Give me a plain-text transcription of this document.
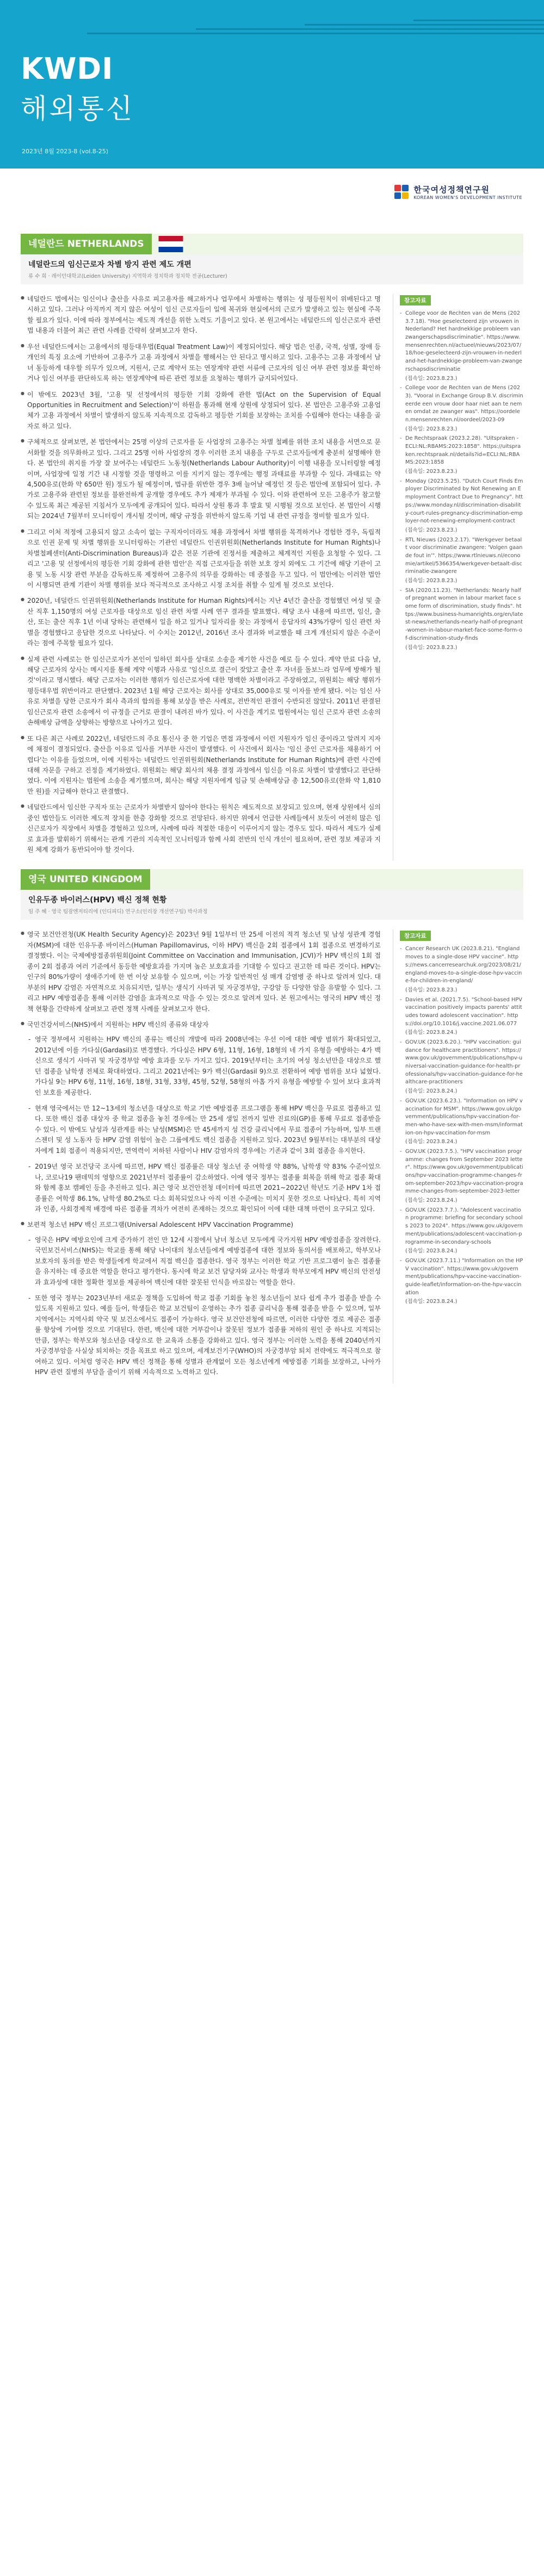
KWDI
해외통신
2023년 8월 2023-8 (vol.8-25)
한국여성정책연구원
KOREAN WOMEN'S DEVELOPMENT INSTITUTE
네덜란드 NETHERLANDS
네덜란드의 임신근로자 차별 방지 관련 제도 개편
류 수 희 · 레이던대학교(Leiden University) 지역학과 정치학과 정치학 전공(Lecturer)

● 네덜란드 법에서는 임신이나 출산을 사유로 피고용자를 해고하거나 업무에서 차별하는 행위는 성 평등원칙이 위배된다고 명시하고 있다. 그러나 아직까지 적지 않은 여성이 임신 근로자들이 일에 복귀와 현실에서의 근로가 발생하고 있는 현실에 주목할 필요가 있다. 이에 따라 정부에서는 제도적 개선을 위한 노력도 기울이고 있다. 본 원고에서는 네덜란드의 임신근로자 관련 법 내용과 더불어 최근 관련 사례를 간략히 살펴보고자 한다.

● 우선 네덜란드에서는 고용에서의 평등대우법(Equal Treatment Law)이 제정되어있다. 해당 법은 인종, 국적, 성별, 장애 등 개인의 특징 요소에 기반하여 고용주가 고용 과정에서 차별을 행해서는 안 된다고 명시하고 있다. 고용주는 고용 과정에서 남녀 동등하게 대우할 의무가 있으며, 지원서, 근로 계약서 또는 연장계약 관련 서류에 근로자의 임신 여부 관련 정보를 확인하거나 임신 여부를 판단하도록 하는 연장계약에 따른 관련 정보를 요청하는 행위가 금지되어있다.

● 이 밖에도 2023년 3월, '고용 및 선정에서의 평등한 기회 강화에 관한 법(Act on the Supervision of Equal Opportunities in Recruitment and Selection)'이 하원을 통과해 현재 상원에 상정되어 있다. 본 법안은 고용주와 고용업체가 고용 과정에서 차별이 발생하지 않도록 지속적으로 감독하고 평등한 기회를 보장하는 조치를 수립해야 한다는 내용을 골자로 하고 있다.

● 구체적으로 살펴보면, 본 법안에서는 25명 이상의 근로자를 둔 사업장의 고용주는 차별 철폐를 위한 조치 내용을 서면으로 문서화할 것을 의무화하고 있다. 그리고 25명 이하 사업장의 경우 이러한 조치 내용을 구두로 근로자들에게 충분히 설명해야 한다. 본 법안의 취지를 가장 잘 보여주는 네덜란드 노동청(Netherlands Labour Authority)이 이행 내용을 모니터링할 예정이며, 사업장에 일정 기간 내 시정할 것을 명령하고 이를 지키지 않는 경우에는 행정 과태료를 부과할 수 있다. 과태료는 약 4,500유로(한화 약 650만 원) 정도가 될 예정이며, 법규를 위반한 경우 3배 늘어날 예정인 것 등은 법안에 포함되어 있다. 추가로 고용주와 관련된 정보를 불완전하게 공개할 경우에도 추가 제재가 부과될 수 있다. 이와 관련하여 모든 고용주가 참고할 수 있도록 최근 제공된 지침서가 모두에게 공개되어 있다. 따라서 상원 통과 후 발효 및 시행될 것으로 보인다. 본 법안이 시행되는 2024년 7월부터 모니터링이 개시될 것이며, 해당 규정을 위반하지 않도록 기업 내 관련 규정을 정비할 필요가 있다.

● 그리고 이처 적정에 고용되지 않고 소속이 없는 구직자이더라도 채용 과정에서 차별 행위를 목격하거나 경험한 경우, 독립적으로 인권 문제 및 차별 행위를 모니터링하는 기관인 네덜란드 인권위원회(Netherlands Institute for Human Rights)나 차별철폐센터(Anti-Discrimination Bureaus)과 같은 전문 기관에 진정서를 제출하고 체계적인 지원을 요청할 수 있다. 그리고 '고용 및 선정에서의 평등한 기회 강화에 관한 법안'은 직접 근로자들을 위한 보호 장치 외에도 그 기간에 해당 기관이 고용 및 노동 시장 관련 부분을 감독하도록 제정하여 고용주의 의무를 강화하는 데 중점을 두고 있다. 이 법안에는 이러한 법안이 시행되면 관계 기관이 차별 행위를 보다 적극적으로 조사하고 시정 조치를 취할 수 있게 될 것으로 보인다.

● 2020년, 네덜란드 인권위원회(Netherlands Institute for Human Rights)에서는 지난 4년간 출산을 경험했던 여성 및 출산 직후 1,150명의 여성 근로자를 대상으로 임신 관련 차별 사례 연구 결과를 발표했다. 해당 조사 내용에 따르면, 임신, 출산, 또는 출산 직후 1년 이내 당하는 관련해서 일을 하고 있거나 일자리를 찾는 과정에서 응답자의 43%가량이 임신 관련 차별을 경험했다고 응답한 것으로 나타났다. 이 수치는 2012년, 2016년 조사 결과와 비교했을 때 크게 개선되지 않은 수준이라는 점에 주목할 필요가 있다.

● 실제 관련 사례로는 한 임신근로자가 본인이 일하던 회사를 상대로 소송을 제기한 사건을 예로 들 수 있다. 계약 만료 다음 날, 해당 근로자의 상사는 메시지를 통해 계약 이행과 사유로 '임신으로 결근이 잦았고 출산 후 자녀를 돌보느라 업무에 방해가 될 것'이라고 명시했다. 해당 근로자는 이러한 행위가 임신근로자에 대한 명백한 차별이라고 주장하였고, 위원회는 해당 행위가 평등대우법 위반이라고 판단했다. 2023년 1월 해당 근로자는 회사를 상대로 35,000유로 및 이자를 받게 됐다. 이는 임신 사유로 차별을 당한 근로자가 회사 측과의 합의를 통해 보상을 받은 사례로, 전반적인 판결이 수반되진 않았다. 2011년 판결된 임신근로자 관련 소송에서 이 규정을 근거로 판결이 내려진 바가 있다. 이 사건을 계기로 법원에서는 임신 근로자 관련 소송의 손해배상 금액을 상향하는 방향으로 나아가고 있다.

● 또 다른 최근 사례로 2022년, 네덜란드의 주요 통신사 중 한 기업은 면접 과정에서 이런 지원자가 임신 중이라고 알려지 지자에 채점이 결정되었다. 출산을 이유로 입사를 거부한 사건이 발생했다. 이 사건에서 회사는 '임신 중인 근로자를 채용하기 어렵다'는 이유를 들었으며, 이에 지원자는 네덜란드 인권위원회(Netherlands Institute for Human Rights)에 관련 사건에 대해 자문을 구하고 진정을 제기하였다. 위원회는 해당 회사의 채용 결정 과정에서 임신을 이유로 차별이 발생했다고 판단하였다. 이에 지원자는 법원에 소송을 제기했으며, 회사는 해당 지원자에게 임금 및 손해배상금 총 12,500유로(한화 약 1,810만 원)를 지급해야 한다고 판결했다.

● 네덜란드에서 임신한 구직자 또는 근로자가 차별받지 않아야 한다는 원칙은 제도적으로 보장되고 있으며, 현재 상원에서 심의 중인 법안들도 이러한 제도적 장치를 한층 강화할 것으로 전망된다. 하지만 위에서 언급한 사례들에서 보듯이 여전히 많은 임신근로자가 직장에서 차별을 경험하고 있으며, 사례에 따라 적절한 대응이 이루어지지 않는 경우도 있다. 따라서 제도가 실제로 효과를 발휘하기 위해서는 관계 기관의 지속적인 모니터링과 함께 사회 전반의 인식 개선이 필요하며, 관련 정보 제공과 지원 체계 강화가 동반되어야 할 것이다.

참고자료
- College voor de Rechten van de Mens (2023.7.18). "Hoe geselecteerd zijn vrouwen in Nederland? Het hardnekkige probleem van zwangerschapsdiscriminatie". https://www.mensenrechten.nl/actueel/nieuws/2023/07/18/hoe-geselecteerd-zijn-vrouwen-in-nederland-het-hardnekkige-probleem-van-zwangerschapsdiscriminatie
(접속일: 2023.8.23.)
- College voor de Rechten van de Mens (2023). "Vooral in Exchange Group B.V. discrimineerde een vrouw door haar niet aan te nemen omdat ze zwanger was". https://oordelen.mensenrechten.nl/oordeel/2023-09
(접속일: 2023.8.23.)
- De Rechtspraak (2023.2.28). "Uitspraken - ECLI:NL:RBAMS:2023:1858". https://uitspraken.rechtspraak.nl/details?id=ECLI:NL:RBAMS:2023:1858
(접속일: 2023.8.23.)
- Monday (2023.5.25). "Dutch Court Finds Employer Discriminated by Not Renewing an Employment Contract Due to Pregnancy". https://www.monday.nl/discrimination-disability-court-rules-pregnancy-discrimination-employer-not-renewing-employment-contract
(접속일: 2023.8.23.)
- RTL Nieuws (2023.2.17). "Werkgever betaalt voor discriminatie zwangere: 'Volgen gaan de fout in'". https://www.rtlnieuws.nl/economie/artikel/5366354/werkgever-betaalt-discriminatie-zwangere
(접속일: 2023.8.23.)
- SIA (2020.11.23). "Netherlands: Nearly half of pregnant women in labour market face some form of discrimination, study finds". https://www.business-humanrights.org/en/latest-news/netherlands-nearly-half-of-pregnant-women-in-labour-market-face-some-form-of-discrimination-study-finds
(접속일: 2023.8.23.)
영국 UNITED KINGDOM
인유두종 바이러스(HPV) 백신 정책 현황
임 주 혜 · 영국 팀잠엔저티리에 (인디피디) 연구소(인리장 개선연구팀) 박사과정

● 영국 보건안전청(UK Health Security Agency)은 2023년 9월 1일부터 만 25세 이전의 적격 청소년 및 남성 성관계 경험자(MSM)에 대한 인유두종 바이러스(Human Papillomavirus, 이하 HPV) 백신을 2회 접종에서 1회 접종으로 변경하기로 결정했다. 이는 국제예방접종위원회(Joint Committee on Vaccination and Immunisation, JCVI)가 HPV 백신의 1회 접종이 2회 접종과 여러 기준에서 동등한 예방효과를 가지며 높은 보호효과를 기대할 수 있다고 권고한 데 따른 것이다. HPV는 인구의 80%가량이 생애주기에 한 번 이상 보유할 수 있으며, 이는 가장 일반적인 성 매개 감염병 중 하나로 알려져 있다. 대부분의 HPV 감염은 자연적으로 치유되지만, 일부는 생식기 사마귀 및 자궁경부암, 구강암 등 다양한 암을 유발할 수 있다. 그리고 HPV 예방접종을 통해 이러한 감염을 효과적으로 막을 수 있는 것으로 알려져 있다. 본 원고에서는 영국의 HPV 백신 정책 현황을 간략하게 살펴보고 관련 정책 사례를 살펴보고자 한다.

● 국민건강서비스(NHS)에서 지원하는 HPV 백신의 종류와 대상자

- 영국 정부에서 지원하는 HPV 백신의 종류는 백신의 개발에 따라 2008년에는 우선 이에 대한 예방 범위가 확대되었고, 2012년에 이를 가다실(Gardasil)로 변경했다. 가다실은 HPV 6형, 11형, 16형, 18형의 네 가지 유형을 예방하는 4가 백신으로 생식기 사마귀 및 자궁경부암 예방 효과를 모두 가지고 있다. 2019년부터는 초기의 여성 청소년만을 대상으로 했던 접종을 남학생 전체로 확대하였다. 그리고 2021년에는 9가 백신(Gardasil 9)으로 전환하여 예방 범위를 보다 넓혔다. 가다실 9는 HPV 6형, 11형, 16형, 18형, 31형, 33형, 45형, 52형, 58형의 아홉 가지 유형을 예방할 수 있어 보다 효과적인 보호를 제공한다.

- 현재 영국에서는 만 12~13세의 청소년을 대상으로 학교 기반 예방접종 프로그램을 통해 HPV 백신을 무료로 접종하고 있다. 또한 백신 접종 대상자 중 학교 접종을 놓친 경우에는 만 25세 생일 전까지 일반 진료의(GP)를 통해 무료로 접종받을 수 있다. 이 밖에도 남성과 성관계를 하는 남성(MSM)은 만 45세까지 성 건강 클리닉에서 무료 접종이 가능하며, 일부 트랜스젠더 및 성 노동자 등 HPV 감염 위험이 높은 그룹에게도 백신 접종을 지원하고 있다. 2023년 9월부터는 대부분의 대상자에게 1회 접종이 적용되지만, 면역력이 저하된 사람이나 HIV 감염자의 경우에는 기존과 같이 3회 접종을 유지한다.

- 2019년 영국 보건당국 조사에 따르면, HPV 백신 접종률은 대상 청소년 중 여학생 약 88%, 남학생 약 83% 수준이었으나, 코로나19 팬데믹의 영향으로 2021년부터 접종률이 감소하였다. 이에 영국 정부는 접종률 회복을 위해 학교 접종 확대와 함께 홍보 캠페인 등을 추진하고 있다. 최근 영국 보건안전청 데이터에 따르면 2021~2022년 학년도 기준 HPV 1차 접종률은 여학생 86.1%, 남학생 80.2%로 다소 회복되었으나 아직 이전 수준에는 미치지 못한 것으로 나타났다. 특히 지역과 인종, 사회경제적 배경에 따른 접종률 격차가 여전히 존재하는 것으로 확인되어 이에 대한 대책 마련이 요구되고 있다.

● 보편적 청소년 HPV 백신 프로그램(Universal Adolescent HPV Vaccination Programme)

- 영국은 HPV 예방요인에 크게 증가하기 전인 만 12세 시점에서 남녀 청소년 모두에게 국가지원 HPV 예방접종을 장려한다. 국민보건서비스(NHS)는 학교를 통해 해당 나이대의 청소년들에게 예방접종에 대한 정보와 동의서를 배포하고, 학부모나 보호자의 동의를 받은 학생들에게 학교에서 직접 백신을 접종한다. 영국 정부는 이러한 학교 기반 프로그램이 높은 접종률을 유지하는 데 중요한 역할을 한다고 평가한다. 동시에 학교 보건 담당자와 교사는 학생과 학부모에게 HPV 백신의 안전성과 효과성에 대한 정확한 정보를 제공하여 백신에 대한 잘못된 인식을 바로잡는 역할을 한다.

- 또한 영국 정부는 2023년부터 새로운 정책을 도입하여 학교 접종 기회를 놓친 청소년들이 보다 쉽게 추가 접종을 받을 수 있도록 지원하고 있다. 예를 들어, 학생들은 학교 보건팀이 운영하는 추가 접종 클리닉을 통해 접종을 받을 수 있으며, 일부 지역에서는 지역사회 약국 및 보건소에서도 접종이 가능하다. 영국 보건안전청에 따르면, 이러한 다양한 경로 제공은 접종률 향상에 기여할 것으로 기대된다. 한편, 백신에 대한 거부감이나 잘못된 정보가 접종률 저하의 원인 중 하나로 지적되는 만큼, 정부는 학부모와 청소년을 대상으로 한 교육과 소통을 강화하고 있다. 영국 정부는 이러한 노력을 통해 2040년까지 자궁경부암을 사실상 퇴치하는 것을 목표로 하고 있으며, 세계보건기구(WHO)의 자궁경부암 퇴치 전략에도 적극적으로 참여하고 있다. 이처럼 영국은 HPV 백신 정책을 통해 성별과 관계없이 모든 청소년에게 예방접종 기회를 보장하고, 나아가 HPV 관련 질병의 부담을 줄이기 위해 지속적으로 노력하고 있다.

참고자료
- Cancer Research UK (2023.8.21). "England moves to a single-dose HPV vaccine". https://news.cancerresearchuk.org/2023/08/21/england-moves-to-a-single-dose-hpv-vaccine-for-children-in-england/
(접속일: 2023.8.23.)
- Davies et al. (2021.7.5). "School-based HPV vaccination positively impacts parents' attitudes toward adolescent vaccination". https://doi.org/10.1016/j.vaccine.2021.06.077
(접속일: 2023.8.24.)
- GOV.UK (2023.6.20.). "HPV vaccination: guidance for healthcare practitioners". https://www.gov.uk/government/publications/hpv-universal-vaccination-guidance-for-health-professionals/hpv-vaccination-guidance-for-healthcare-practitioners
(접속일: 2023.8.24.)
- GOV.UK (2023.6.23.). "Information on HPV vaccination for MSM". https://www.gov.uk/government/publications/hpv-vaccination-for-men-who-have-sex-with-men-msm/information-on-hpv-vaccination-for-msm
(접속일: 2023.8.24.)
- GOV.UK (2023.7.5.). "HPV vaccination programme: changes from September 2023 letter". https://www.gov.uk/government/publications/hpv-vaccination-programme-changes-from-september-2023/hpv-vaccination-programme-changes-from-september-2023-letter
(접속일: 2023.8.24.)
- GOV.UK (2023.7.7.). "Adolescent vaccination programme: briefing for secondary schools 2023 to 2024". https://www.gov.uk/government/publications/adolescent-vaccination-programme-in-secondary-schools
(접속일: 2023.8.24.)
- GOV.UK (2023.7.11.) "Information on the HPV vaccination". https://www.gov.uk/government/publications/hpv-vaccine-vaccination-guide-leaflet/information-on-the-hpv-vaccination
(접속일: 2023.8.24.)
